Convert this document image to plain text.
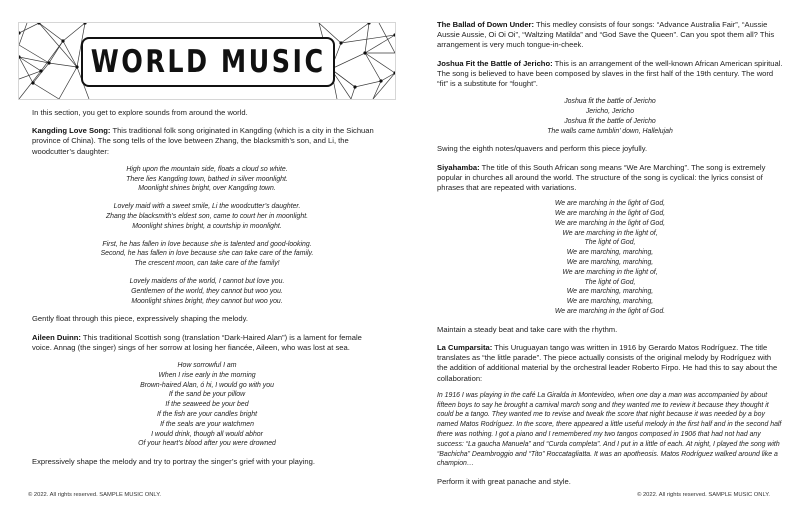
WORLD MUSIC

In this section, you get to explore sounds from around the world.

Kangding Love Song: This traditional folk song originated in Kangding (which is a city in the Sichuan province of China). The song tells of the love between Zhang, the blacksmith’s son, and Li, the woodcutter’s daughter:

High upon the mountain side, floats a cloud so white.
There lies Kangding town, bathed in silver moonlight.
Moonlight shines bright, over Kangding town.
Lovely maid with a sweet smile, Li the woodcutter’s daughter.
Zhang the blacksmith’s eldest son, came to court her in moonlight.
Moonlight shines bright, a courtship in moonlight.
First, he has fallen in love because she is talented and good-looking.
Second, he has fallen in love because she can take care of the family.
The crescent moon, can take care of the family!
Lovely maidens of the world, I cannot but love you.
Gentlemen of the world, they cannot but woo you.
Moonlight shines bright, they cannot but woo you.

Gently float through this piece, expressively shaping the melody.

Aileen Duinn: This traditional Scottish song (translation “Dark-Haired Alan”) is a lament for female voice. Annag (the singer) sings of her sorrow at losing her fiancée, Aileen, who was lost at sea.

How sorrowful I am
When I rise early in the morning
Brown-haired Alan, ó hi, I would go with you
If the sand be your pillow
If the seaweed be your bed
If the fish are your candles bright
If the seals are your watchmen
I would drink, though all would abhor
Of your heart’s blood after you were drowned

Expressively shape the melody and try to portray the singer’s grief with your playing.

© 2022. All rights reserved. SAMPLE MUSIC ONLY.

The Ballad of Down Under: This medley consists of four songs: “Advance Australia Fair”, “Aussie Aussie Aussie, Oi Oi Oi”, “Waltzing Matilda” and “God Save the Queen”. Can you spot them all? This arrangement is very much tongue-in-cheek.

Joshua Fit the Battle of Jericho: This is an arrangement of the well-known African American spiritual. The song is believed to have been composed by slaves in the first half of the 19th century. The word “fit” is a substitute for “fought”.

Joshua fit the battle of Jericho
Jericho, Jericho
Joshua fit the battle of Jericho
The walls came tumblin’ down, Hallelujah

Swing the eighth notes/quavers and perform this piece joyfully.

Siyahamba: The title of this South African song means “We Are Marching”. The song is extremely popular in churches all around the world. The structure of the song is cyclical: the lyrics consist of phrases that are repeated with variations.

We are marching in the light of God,
We are marching in the light of God,
We are marching in the light of God,
We are marching in the light of,
The light of God,
We are marching, marching,
We are marching, marching,
We are marching in the light of,
The light of God,
We are marching, marching,
We are marching, marching,
We are marching in the light of God.

Maintain a steady beat and take care with the rhythm.

La Cumparsita: This Uruguayan tango was written in 1916 by Gerardo Matos Rodríguez. The title translates as “the little parade”. The piece actually consists of the original melody by Rodríguez with the addition of additional material by the orchestral leader Roberto Firpo. He had this to say about the collaboration:

In 1916 I was playing in the café La Giralda in Montevideo, when one day a man was accompanied by about fifteen boys to say he brought a carnival march song and they wanted me to review it because they thought it could be a tango. They wanted me to revise and tweak the score that night because it was needed by a boy named Matos Rodríguez. In the score, there appeared a little useful melody in the first half and in the second half there was nothing. I got a piano and I remembered my two tangos composed in 1906 that had not had any success: “La gaucha Manuela” and “Curda completa”. And I put in a little of each. At night, I played the song with “Bachicha” Deambroggio and “Tito” Roccatagliatta. It was an apotheosis. Matos Rodríguez walked around like a champion…

Perform it with great panache and style.

© 2022. All rights reserved. SAMPLE MUSIC ONLY.
